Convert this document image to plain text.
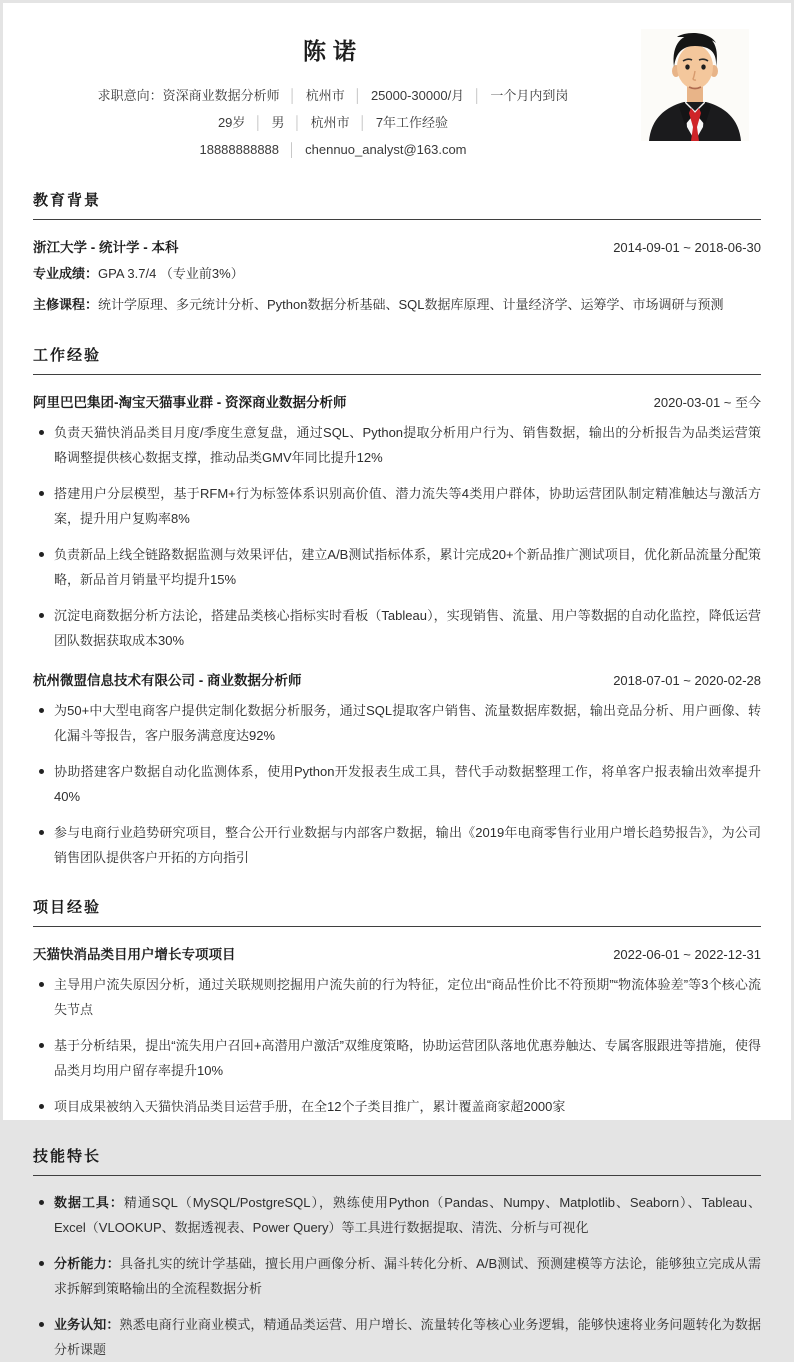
陈诺
求职意向：资深商业数据分析师 │ 杭州市 │ 25000-30000/月 │ 一个月内到岗
29岁 │ 男 │ 杭州市 │ 7年工作经验
18888888888 │ chennuo_analyst@163.com
教育背景
浙江大学 - 统计学 - 本科	2014-09-01 ~ 2018-06-30
专业成绩：GPA 3.7/4 （专业前3%）
主修课程：统计学原理、多元统计分析、Python数据分析基础、SQL数据库原理、计量经济学、运筹学、市场调研与预测
工作经验
阿里巴巴集团-淘宝天猫事业群 - 资深商业数据分析师	2020-03-01 ~ 至今
负责天猫快消品类目月度/季度生意复盘，通过SQL、Python提取分析用户行为、销售数据，输出的分析报告为品类运营策略调整提供核心数据支撑，推动品类GMV年同比提升12%
搭建用户分层模型，基于RFM+行为标签体系识别高价值、潜力流失等4类用户群体，协助运营团队制定精准触达与激活方案，提升用户复购率8%
负责新品上线全链路数据监测与效果评估，建立A/B测试指标体系，累计完成20+个新品推广测试项目，优化新品流量分配策略，新品首月销量平均提升15%
沉淀电商数据分析方法论，搭建品类核心指标实时看板（Tableau），实现销售、流量、用户等数据的自动化监控，降低运营团队数据获取成本30%
杭州微盟信息技术有限公司 - 商业数据分析师	2018-07-01 ~ 2020-02-28
为50+中大型电商客户提供定制化数据分析服务，通过SQL提取客户销售、流量数据库数据，输出竞品分析、用户画像、转化漏斗等报告，客户服务满意度达92%
协助搭建客户数据自动化监测体系，使用Python开发报表生成工具，替代手动数据整理工作，将单客户报表输出效率提升40%
参与电商行业趋势研究项目，整合公开行业数据与内部客户数据，输出《2019年电商零售行业用户增长趋势报告》，为公司销售团队提供客户开拓的方向指引
项目经验
天猫快消品类目用户增长专项项目	2022-06-01 ~ 2022-12-31
主导用户流失原因分析，通过关联规则挖掘用户流失前的行为特征，定位出“商品性价比不符预期”“物流体验差”等3个核心流失节点
基于分析结果，提出“流失用户召回+高潜用户激活”双维度策略，协助运营团队落地优惠券触达、专属客服跟进等措施，使得品类月均用户留存率提升10%
项目成果被纳入天猫快消品类目运营手册，在全12个子类目推广，累计覆盖商家超2000家
技能特长
数据工具：精通SQL（MySQL/PostgreSQL），熟练使用Python（Pandas、Numpy、Matplotlib、Seaborn）、Tableau、Excel（VLOOKUP、数据透视表、Power Query）等工具进行数据提取、清洗、分析与可视化
分析能力：具备扎实的统计学基础，擅长用户画像分析、漏斗转化分析、A/B测试、预测建模等方法论，能够独立完成从需求拆解到策略输出的全流程数据分析
业务认知：熟悉电商行业商业模式，精通品类运营、用户增长、流量转化等核心业务逻辑，能够快速将业务问题转化为数据分析课题
